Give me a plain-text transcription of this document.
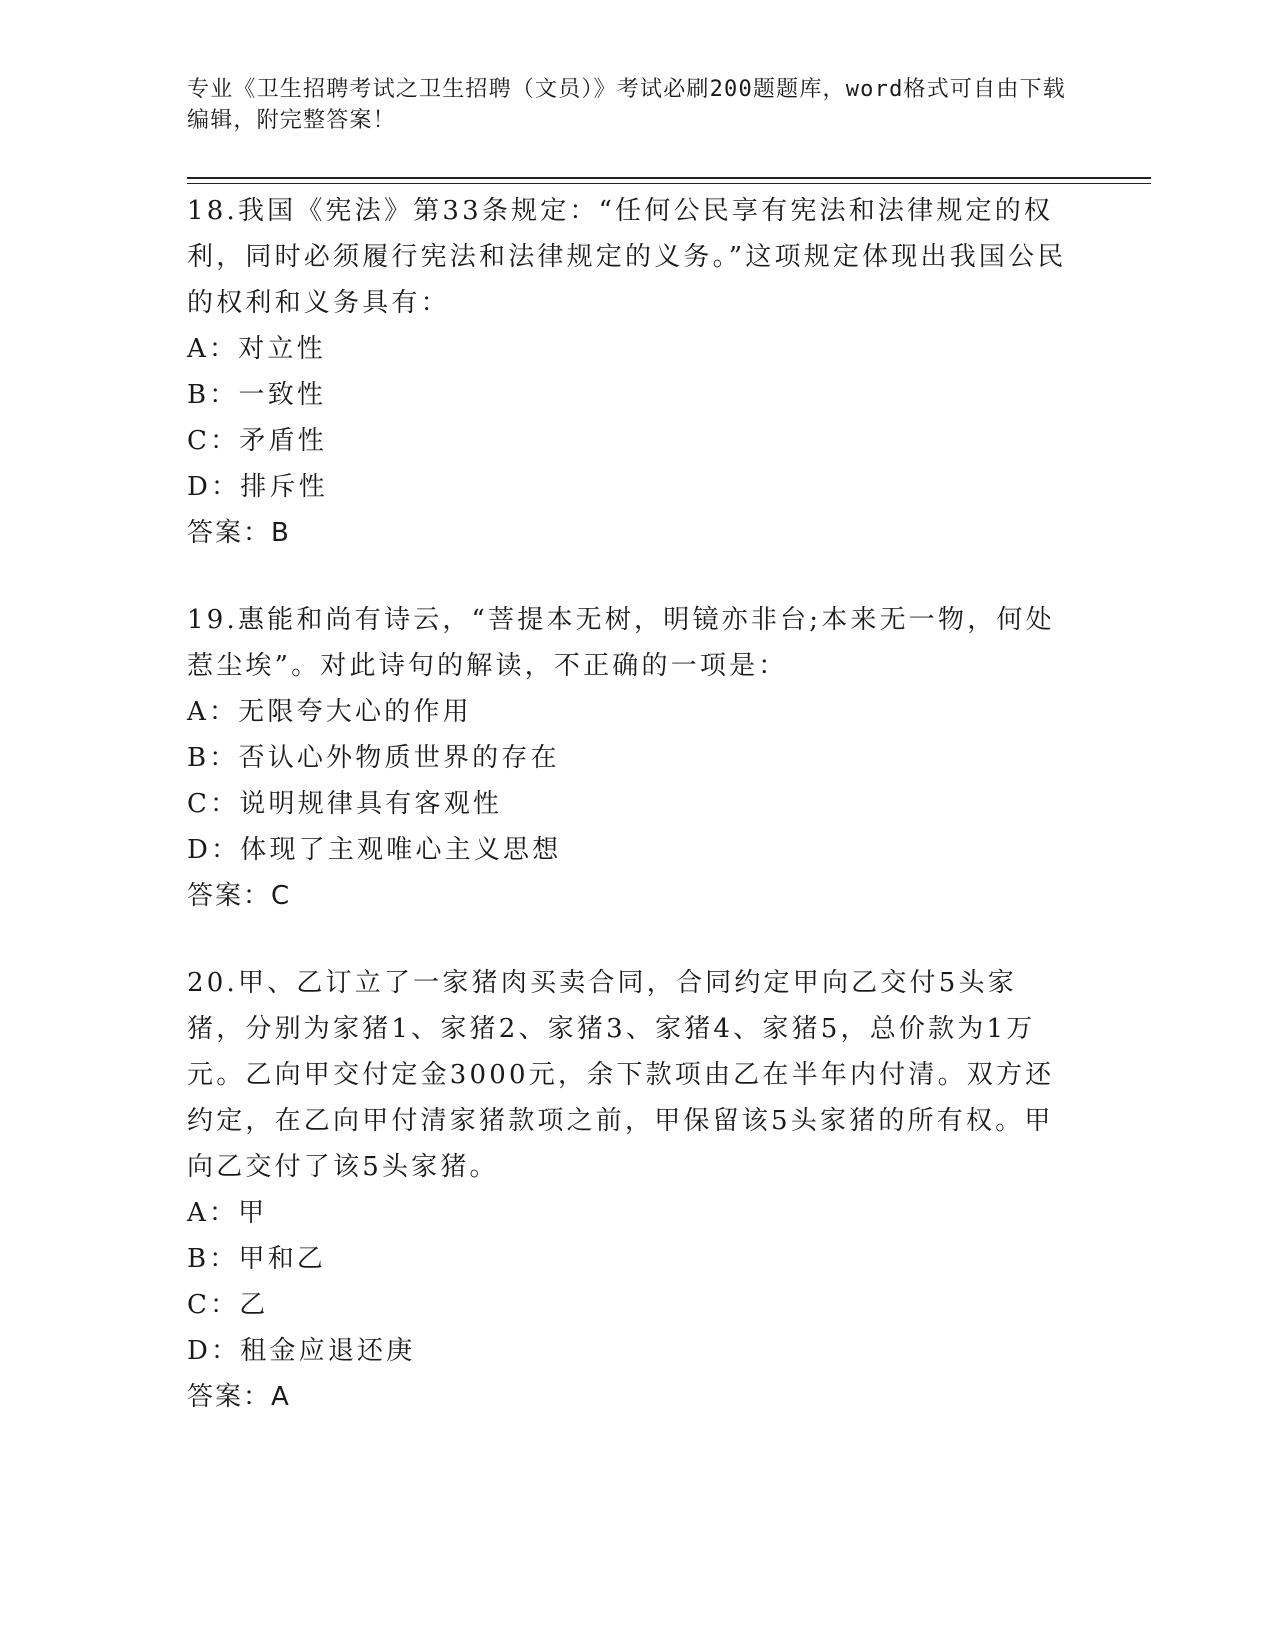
专业《卫生招聘考试之卫生招聘（文员）》考试必刷200题题库，word格式可自由下载编辑，附完整答案！
18.我国《宪法》第33条规定：“任何公民享有宪法和法律规定的权利，同时必须履行宪法和法律规定的义务。”这项规定体现出我国公民的权利和义务具有：
A：对立性
B：一致性
C：矛盾性
D：排斥性
答案：B
19.惠能和尚有诗云，“菩提本无树，明镜亦非台;本来无一物，何处惹尘埃”。对此诗句的解读，不正确的一项是：
A：无限夸大心的作用
B：否认心外物质世界的存在
C：说明规律具有客观性
D：体现了主观唯心主义思想
答案：C
20.甲、乙订立了一家猪肉买卖合同，合同约定甲向乙交付5头家猪，分别为家猪1、家猪2、家猪3、家猪4、家猪5，总价款为1万元。乙向甲交付定金3000元，余下款项由乙在半年内付清。双方还约定，在乙向甲付清家猪款项之前，甲保留该5头家猪的所有权。甲向乙交付了该5头家猪。
A：甲
B：甲和乙
C：乙
D：租金应退还庚
答案：A
